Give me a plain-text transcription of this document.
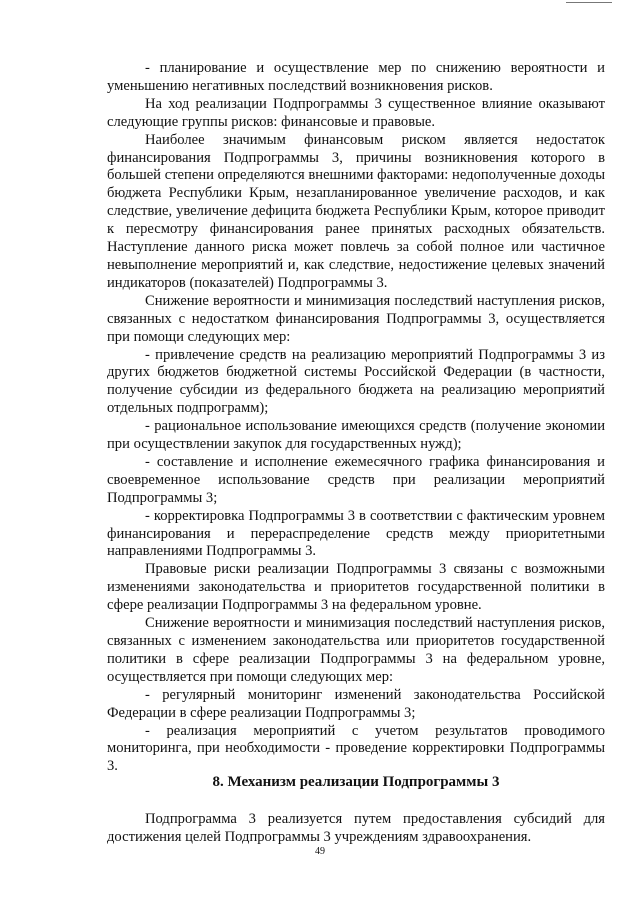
- планирование и осуществление мер по снижению вероятности и уменьшению негативных последствий возникновения рисков.

На ход реализации Подпрограммы 3 существенное влияние оказывают следующие группы рисков: финансовые и правовые.

Наиболее значимым финансовым риском является недостаток финансирования Подпрограммы 3, причины возникновения которого в большей степени определяются внешними факторами: недополученные доходы бюджета Республики Крым, незапланированное увеличение расходов, и как следствие, увеличение дефицита бюджета Республики Крым, которое приводит к пересмотру финансирования ранее принятых расходных обязательств. Наступление данного риска может повлечь за собой полное или частичное невыполнение мероприятий и, как следствие, недостижение целевых значений индикаторов (показателей) Подпрограммы 3.

Снижение вероятности и минимизация последствий наступления рисков, связанных с недостатком финансирования Подпрограммы 3, осуществляется при помощи следующих мер:

- привлечение средств на реализацию мероприятий Подпрограммы 3 из других бюджетов бюджетной системы Российской Федерации (в частности, получение субсидии из федерального бюджета на реализацию мероприятий отдельных подпрограмм);

- рациональное использование имеющихся средств (получение экономии при осуществлении закупок для государственных нужд);

- составление и исполнение ежемесячного графика финансирования и своевременное использование средств при реализации мероприятий Подпрограммы 3;

- корректировка Подпрограммы 3 в соответствии с фактическим уровнем финансирования и перераспределение средств между приоритетными направлениями Подпрограммы 3.

Правовые риски реализации Подпрограммы 3 связаны с возможными изменениями законодательства и приоритетов государственной политики в сфере реализации Подпрограммы 3 на федеральном уровне.

Снижение вероятности и минимизация последствий наступления рисков, связанных с изменением законодательства или приоритетов государственной политики в сфере реализации Подпрограммы 3 на федеральном уровне, осуществляется при помощи следующих мер:

- регулярный мониторинг изменений законодательства Российской Федерации в сфере реализации Подпрограммы 3;

- реализация мероприятий с учетом результатов проводимого мониторинга, при необходимости - проведение корректировки Подпрограммы 3.

8. Механизм реализации Подпрограммы 3

Подпрограмма 3 реализуется путем предоставления субсидий для достижения целей Подпрограммы 3 учреждениям здравоохранения.

49
